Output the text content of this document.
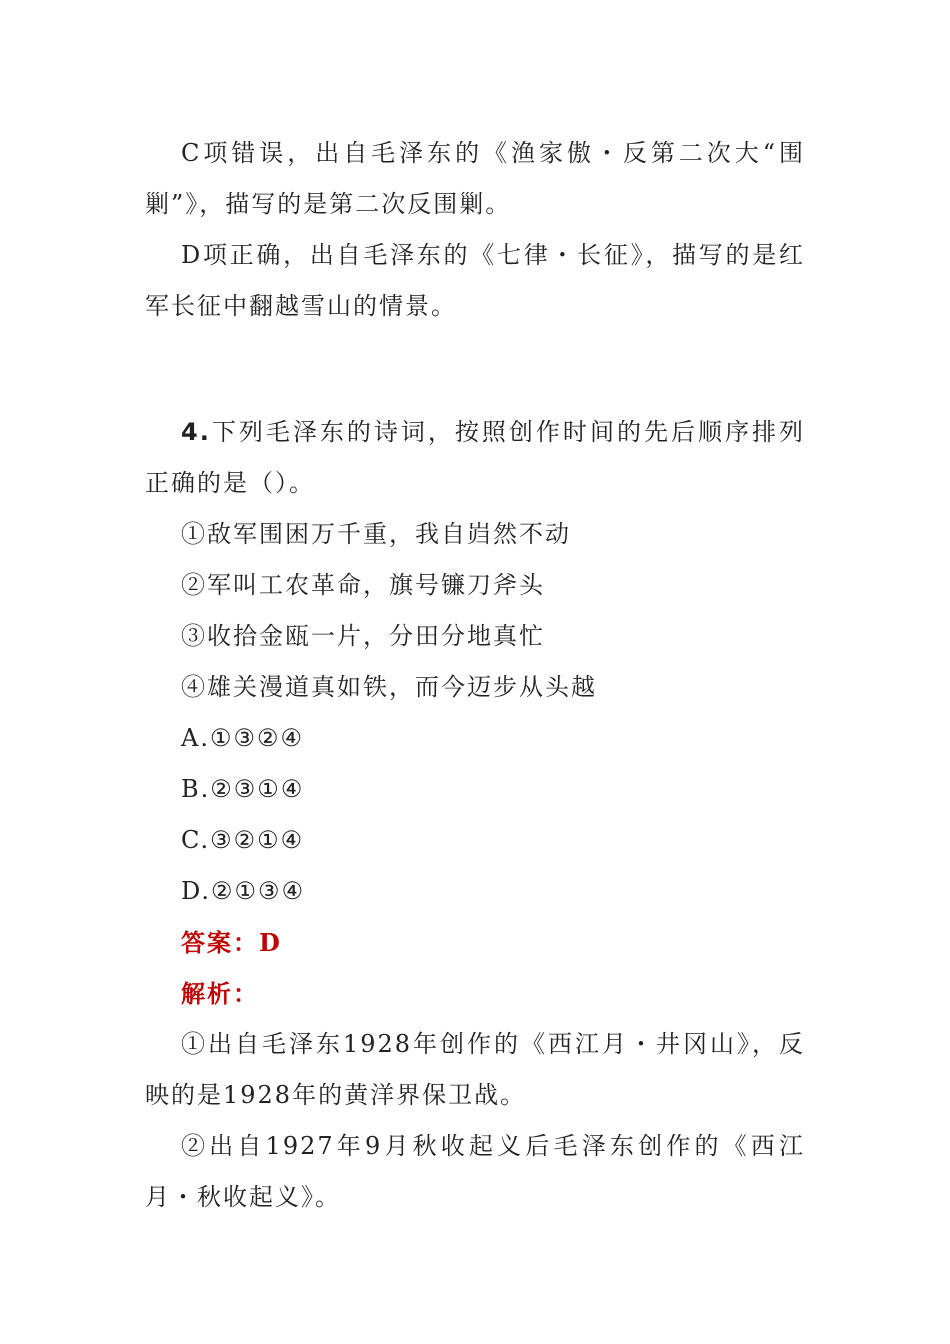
C项错误，出自毛泽东的《渔家傲・反第二次大“围剿”》，描写的是第二次反围剿。

D项正确，出自毛泽东的《七律・长征》，描写的是红军长征中翻越雪山的情景。

4.下列毛泽东的诗词，按照创作时间的先后顺序排列正确的是（）。

①敌军围困万千重，我自岿然不动

②军叫工农革命，旗号镰刀斧头

③收拾金瓯一片，分田分地真忙

④雄关漫道真如铁，而今迈步从头越

A.①③②④

B.②③①④

C.③②①④

D.②①③④

答案：D

解析：

①出自毛泽东1928年创作的《西江月・井冈山》，反映的是1928年的黄洋界保卫战。

②出自1927年9月秋收起义后毛泽东创作的《西江月・秋收起义》。
